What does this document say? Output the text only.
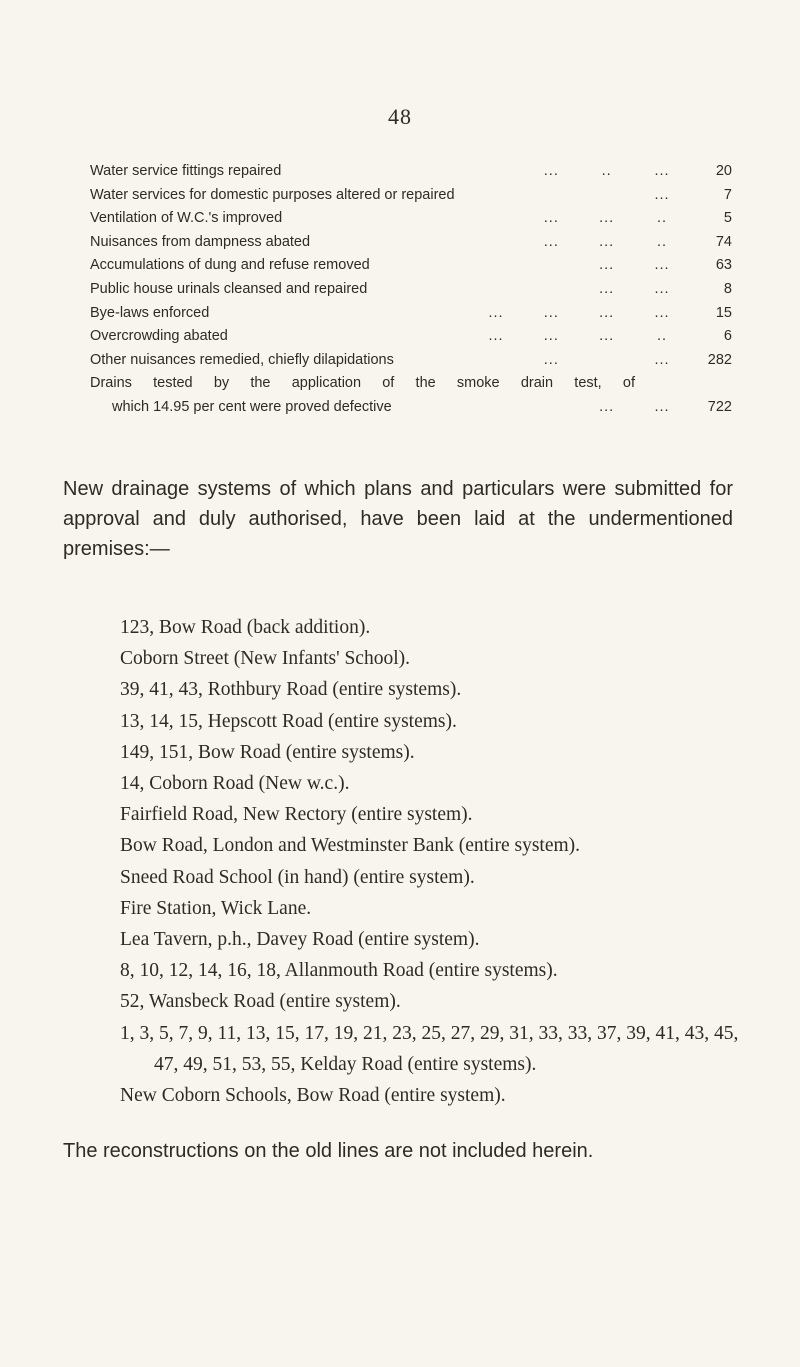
48
Water service fittings repaired	...	..	...	20
Water services for domestic purposes altered or repaired	...	7
Ventilation of W.C.'s improved	...	...	..	5
Nuisances from dampness abated	...	...	..	74
Accumulations of dung and refuse removed	...	...	63
Public house urinals cleansed and repaired	...	...	8
Bye-laws enforced	...	...	...	...	15
Overcrowding abated	...	...	...	..	6
Other nuisances remedied, chiefly dilapidations	...	...	282
Drains tested by the application of the smoke drain test, of
which 14.95 per cent were proved defective	...	...	722
New drainage systems of which plans and particulars were submitted for approval and duly authorised, have been laid at the undermentioned premises:—
123, Bow Road (back addition).
Coborn Street (New Infants' School).
39, 41, 43, Rothbury Road (entire systems).
13, 14, 15, Hepscott Road (entire systems).
149, 151, Bow Road (entire systems).
14, Coborn Road (New w.c.).
Fairfield Road, New Rectory (entire system).
Bow Road, London and Westminster Bank (entire system).
Sneed Road School (in hand) (entire system).
Fire Station, Wick Lane.
Lea Tavern, p.h., Davey Road (entire system).
8, 10, 12, 14, 16, 18, Allanmouth Road (entire systems).
52, Wansbeck Road (entire system).
1, 3, 5, 7, 9, 11, 13, 15, 17, 19, 21, 23, 25, 27, 29, 31, 33, 33, 37, 39, 41, 43, 45, 47, 49, 51, 53, 55, Kelday Road (entire systems).
New Coborn Schools, Bow Road (entire system).
The reconstructions on the old lines are not included herein.
